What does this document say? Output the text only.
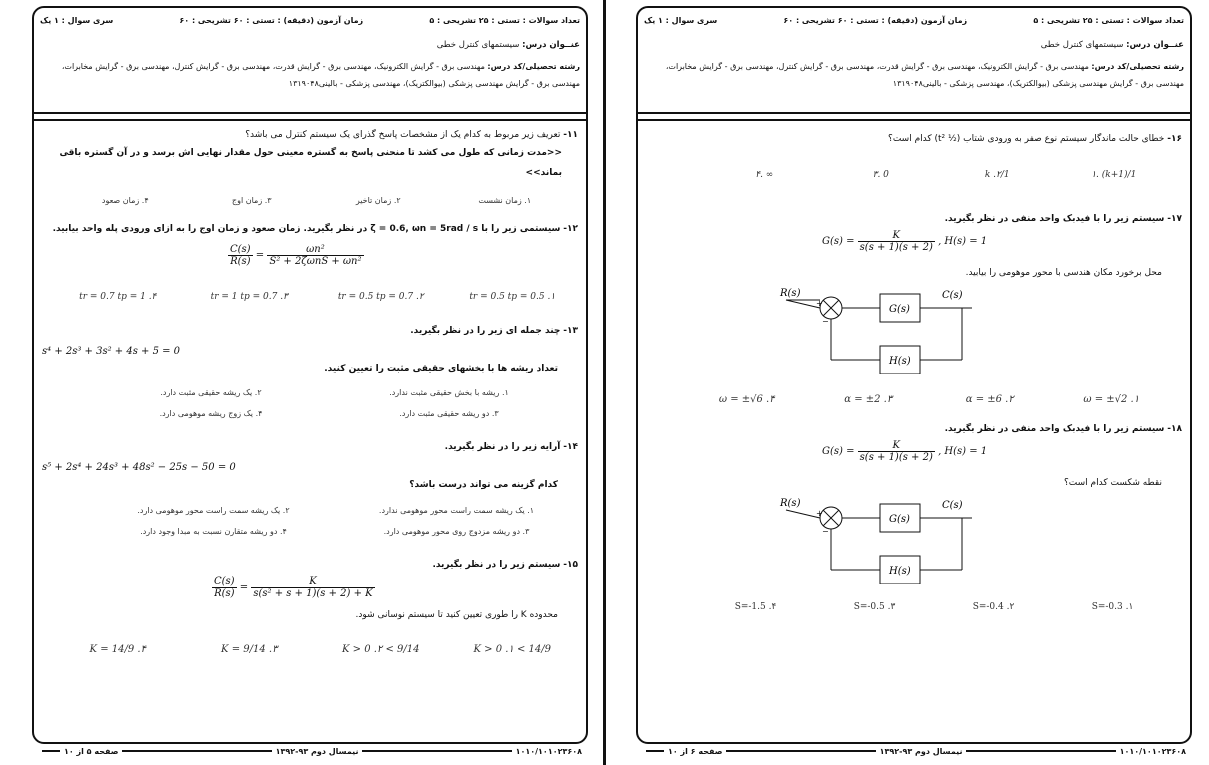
تعداد سوالات : تستی : ۲۵ تشریحی : ۵
زمان آزمون (دقیقه) : تستی : ۶۰ تشریحی : ۶۰
سری سوال : ۱ یک
عنــوان درس: سیستمهای کنترل خطی
رشته تحصیلی/کد درس: مهندسی برق - گرایش الکترونیک، مهندسی برق - گرایش قدرت، مهندسی برق - گرایش کنترل، مهندسی برق - گرایش مخابرات، مهندسی برق - گرایش مهندسی پزشکی (بیوالکتریک)، مهندسی پزشکی - بالینی۱۳۱۹۰۴۸
۱۱- تعریف زیر مربوط به کدام یک از مشخصات پاسخ گذرای یک سیستم کنترل می باشد؟
<<مدت زمانی که طول می کشد تا منحنی پاسخ به گستره معینی حول مقدار نهایی اش برسد و در آن گستره باقی
بماند>>
۱. زمان نشست
۲. زمان تاخیر
۳. زمان اوج
۴. زمان صعود
۱۲- سیستمی زیر را با ζ = 0.6, ωn = 5rad / s در نظر بگیرید. زمان صعود و زمان اوج را به ازای ورودی پله واحد بیابید.
$\frac{C(s)}{R(s)} = \frac{\text{ωn²}}{\text{S² + 2ζωnS + ωn²}}$
tr = 0.5 tp = 0.5 .۱
tr = 0.5 tp = 0.7 .۲
tr = 1 tp = 0.7 .۳
tr = 0.7 tp = 1 .۴
۱۳- چند جمله ای زیر را در نظر بگیرید.
s⁴ + 2s³ + 3s² + 4s + 5 = 0
تعداد ریشه ها با بخشهای حقیقی مثبت را تعیین کنید.
۱. ریشه با بخش حقیقی مثبت ندارد.
۲. یک ریشه حقیقی مثبت دارد.
۳. دو ریشه حقیقی مثبت دارد.
۴. یک زوج ریشه موهومی دارد.
۱۴- آرایه زیر را در نظر بگیرید.
s⁵ + 2s⁴ + 24s³ + 48s² − 25s − 50 = 0
کدام گزینه می تواند درست باشد؟
۱. یک ریشه سمت راست محور موهومی ندارد.
۲. یک ریشه سمت راست محور موهومی دارد.
۳. دو ریشه مزدوج روی محور موهومی دارد.
۴. دو ریشه متقارن نسبت به مبدا وجود دارد.
۱۵- سیستم زیر را در نظر بگیرید.
$\frac{C(s)}{R(s)} = \frac{K}{\text{s(s² + s + 1)(s + 2) + K}}$
محدوده K را طوری تعیین کنید تا سیستم نوسانی شود.
14/9 > K > 0 .۱
9/14 > K > 0 .۲
K = 9/14 .۳
K = 14/9 .۴
۱۰۱۰/۱۰۱۰۲۳۶۰۸
نیمسال دوم ۹۳-۱۳۹۲
صفحه ۵ از ۱۰
تعداد سوالات : تستی : ۲۵ تشریحی : ۵
زمان آزمون (دقیقه) : تستی : ۶۰ تشریحی : ۶۰
سری سوال : ۱ یک
عنــوان درس: سیستمهای کنترل خطی
رشته تحصیلی/کد درس: مهندسی برق - گرایش الکترونیک، مهندسی برق - گرایش قدرت، مهندسی برق - گرایش کنترل، مهندسی برق - گرایش مخابرات، مهندسی برق - گرایش مهندسی پزشکی (بیوالکتریک)، مهندسی پزشکی - بالینی۱۳۱۹۰۴۸
۱۶- خطای حالت ماندگار سیستم نوع صفر به ورودی شتاب (½ t²) کدام است؟
1/(1+k) .۱
1/k .۲
0 .۳
∞ .۴
۱۷- سیستم زیر را با فیدبک واحد منفی در نظر بگیرید.
$G(s) = \frac{K}{s(s + 1)(s + 2)}$ , H(s) = 1
محل برخورد مکان هندسی با محور موهومی را بیابید.
R(s)
+
−
G(s)
C(s)
H(s)
ω = ±√2 .۱
α = ±6 .۲
α = ±2 .۳
ω = ±√6 .۴
۱۸- سیستم زیر را با فیدبک واحد منفی در نظر بگیرید.
$G(s) = \frac{K}{s(s + 1)(s + 2)}$ , H(s) = 1
نقطه شکست کدام است؟
R(s)
+
−
G(s)
C(s)
H(s)
S=-0.3 .۱
S=-0.4 .۲
S=-0.5 .۳
S=-1.5 .۴
۱۰۱۰/۱۰۱۰۲۳۶۰۸
نیمسال دوم ۹۳-۱۳۹۲
صفحه ۶ از ۱۰
